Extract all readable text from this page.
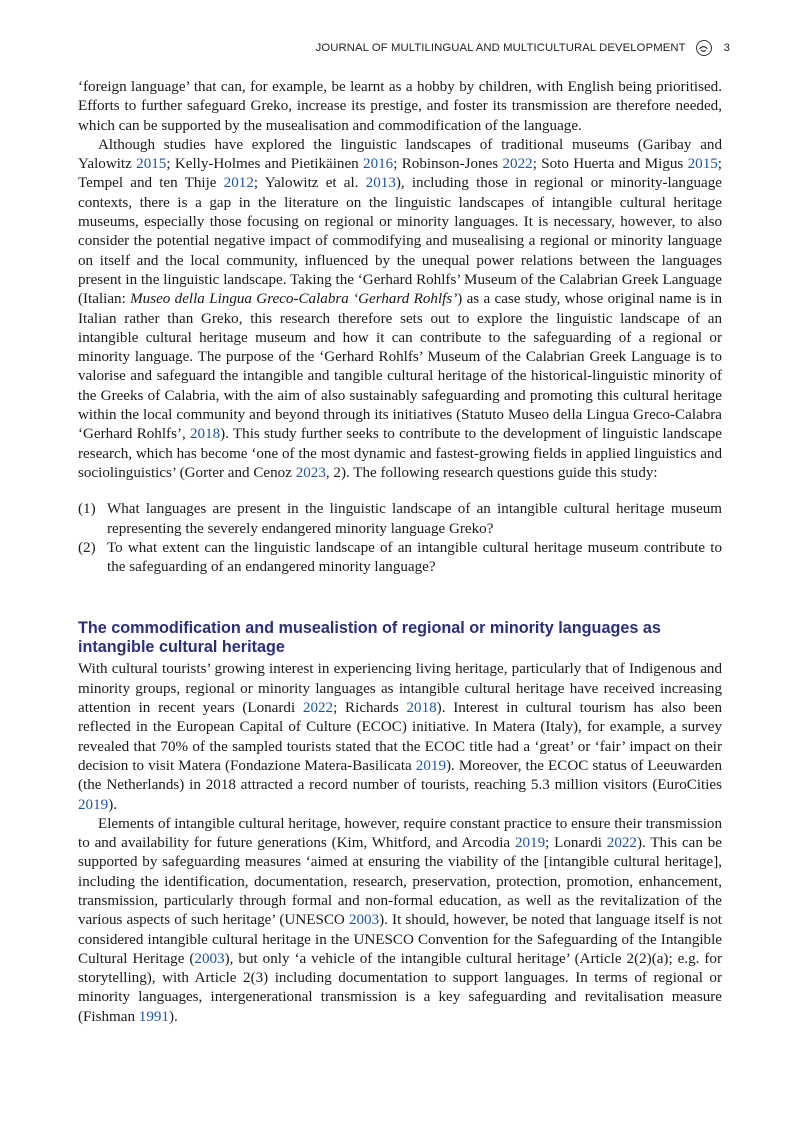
JOURNAL OF MULTILINGUAL AND MULTICULTURAL DEVELOPMENT	3

‘foreign language’ that can, for example, be learnt as a hobby by children, with English being prioritised. Efforts to further safeguard Greko, increase its prestige, and foster its transmission are therefore needed, which can be supported by the musealisation and commodification of the language.

Although studies have explored the linguistic landscapes of traditional museums (Garibay and Yalowitz 2015; Kelly-Holmes and Pietikäinen 2016; Robinson-Jones 2022; Soto Huerta and Migus 2015; Tempel and ten Thije 2012; Yalowitz et al. 2013), including those in regional or minority-language contexts, there is a gap in the literature on the linguistic landscapes of intangible cultural heritage museums, especially those focusing on regional or minority languages. It is necessary, however, to also consider the potential negative impact of commodifying and musealising a regional or minority language on itself and the local community, influenced by the unequal power relations between the languages present in the linguistic landscape. Taking the ‘Gerhard Rohlfs’ Museum of the Calabrian Greek Language (Italian: Museo della Lingua Greco-Calabra ‘Gerhard Rohlfs’) as a case study, whose original name is in Italian rather than Greko, this research therefore sets out to explore the linguistic landscape of an intangible cultural heritage museum and how it can contribute to the safeguarding of a regional or minority language. The purpose of the ‘Gerhard Rohlfs’ Museum of the Calabrian Greek Language is to valorise and safeguard the intangible and tangible cultural heritage of the historical-linguistic minority of the Greeks of Calabria, with the aim of also sustainably safeguarding and promoting this cultural heritage within the local community and beyond through its initiatives (Statuto Museo della Lingua Greco-Calabra ‘Gerhard Rohlfs’, 2018). This study further seeks to contribute to the development of linguistic landscape research, which has become ‘one of the most dynamic and fastest-growing fields in applied linguistics and sociolinguistics’ (Gorter and Cenoz 2023, 2). The following research questions guide this study:

(1) What languages are present in the linguistic landscape of an intangible cultural heritage museum representing the severely endangered minority language Greko?
(2) To what extent can the linguistic landscape of an intangible cultural heritage museum contribute to the safeguarding of an endangered minority language?
The commodification and musealistion of regional or minority languages as intangible cultural heritage

With cultural tourists’ growing interest in experiencing living heritage, particularly that of Indigenous and minority groups, regional or minority languages as intangible cultural heritage have received increasing attention in recent years (Lonardi 2022; Richards 2018). Interest in cultural tourism has also been reflected in the European Capital of Culture (ECOC) initiative. In Matera (Italy), for example, a survey revealed that 70% of the sampled tourists stated that the ECOC title had a ‘great’ or ‘fair’ impact on their decision to visit Matera (Fondazione Matera-Basilicata 2019). Moreover, the ECOC status of Leeuwarden (the Netherlands) in 2018 attracted a record number of tourists, reaching 5.3 million visitors (EuroCities 2019).

Elements of intangible cultural heritage, however, require constant practice to ensure their transmission to and availability for future generations (Kim, Whitford, and Arcodia 2019; Lonardi 2022). This can be supported by safeguarding measures ‘aimed at ensuring the viability of the [intangible cultural heritage], including the identification, documentation, research, preservation, protection, promotion, enhancement, transmission, particularly through formal and non-formal education, as well as the revitalization of the various aspects of such heritage’ (UNESCO 2003). It should, however, be noted that language itself is not considered intangible cultural heritage in the UNESCO Convention for the Safeguarding of the Intangible Cultural Heritage (2003), but only ‘a vehicle of the intangible cultural heritage’ (Article 2(2)(a); e.g. for storytelling), with Article 2(3) including documentation to support languages. In terms of regional or minority languages, intergenerational transmission is a key safeguarding and revitalisation measure (Fishman 1991).
